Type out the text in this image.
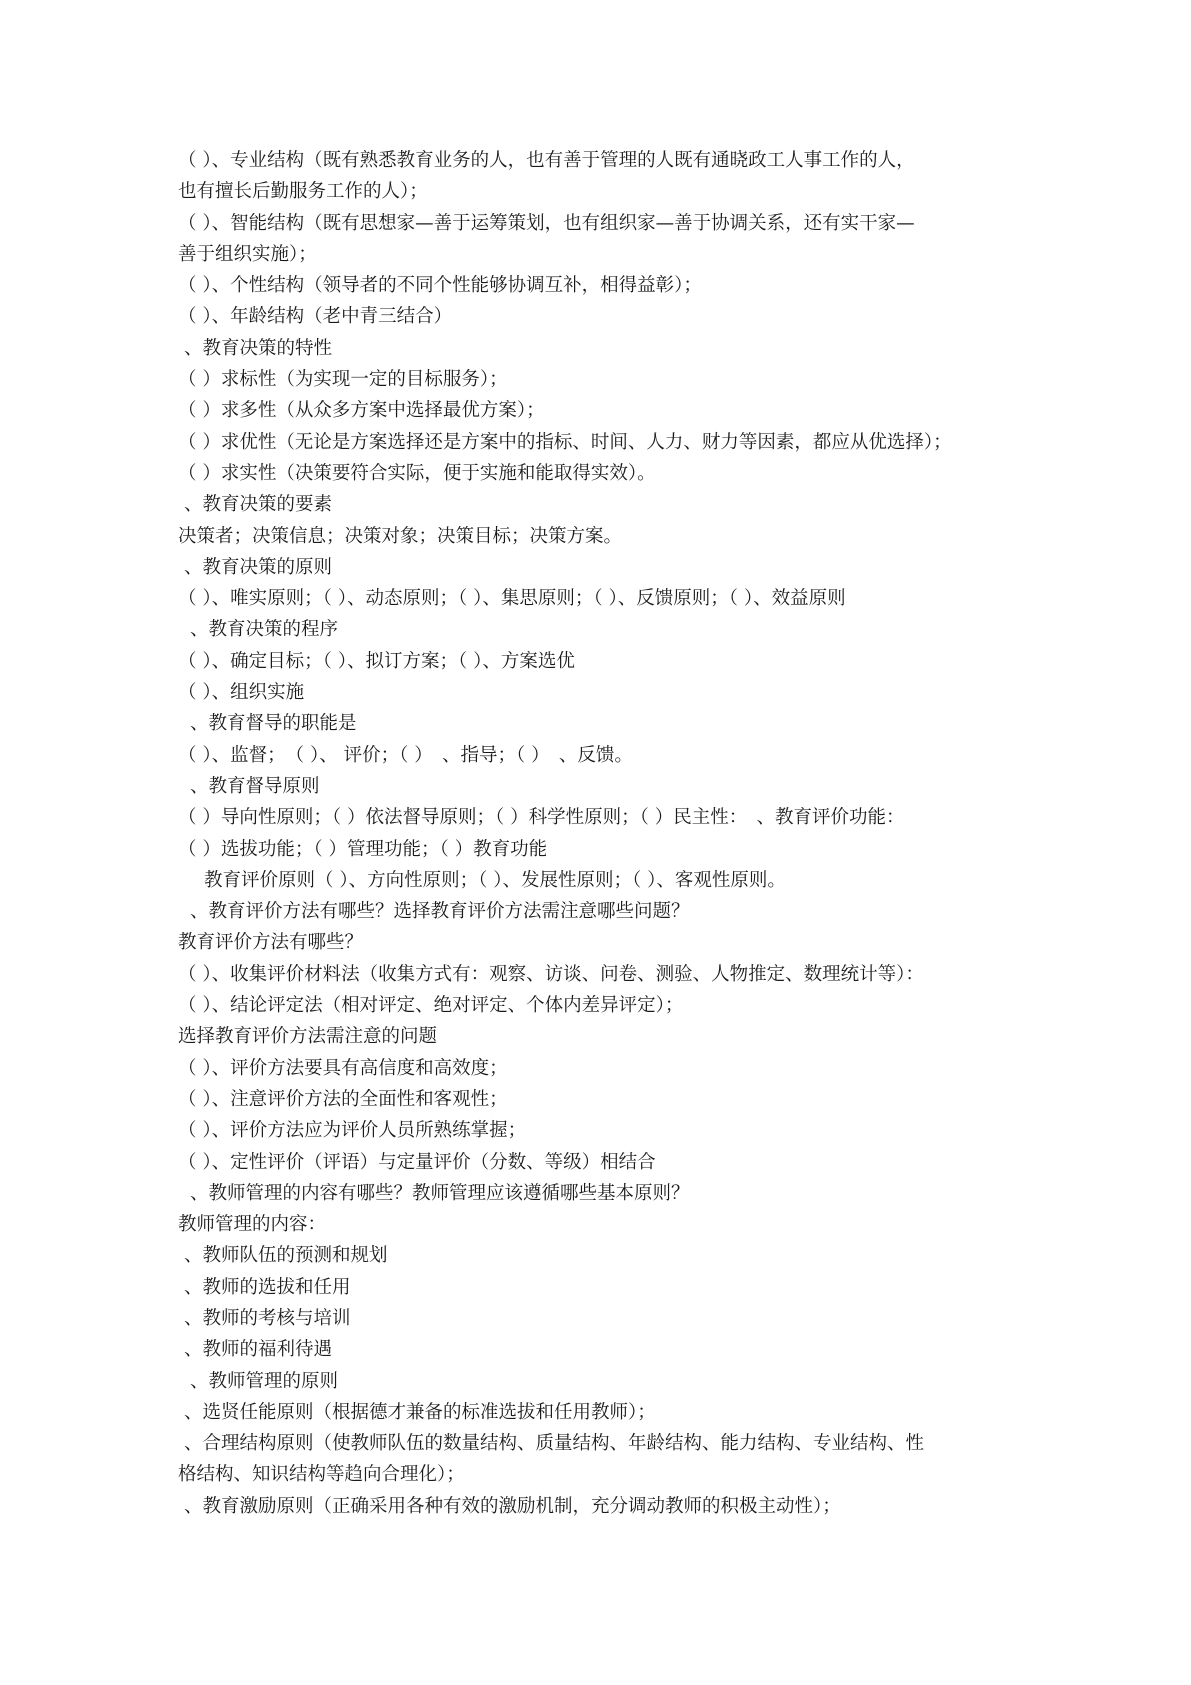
（ ）、专业结构（既有熟悉教育业务的人，也有善于管理的人既有通晓政工人事工作的人，
也有擅长后勤服务工作的人）；
（ ）、智能结构（既有思想家—善于运筹策划，也有组织家—善于协调关系，还有实干家—
善于组织实施）；
（ ）、个性结构（领导者的不同个性能够协调互补，相得益彰）；
（ ）、年龄结构（老中青三结合）
、教育决策的特性
（ ）求标性（为实现一定的目标服务）；
（ ）求多性（从众多方案中选择最优方案）；
（ ）求优性（无论是方案选择还是方案中的指标、时间、人力、财力等因素，都应从优选择）；
（ ）求实性（决策要符合实际，便于实施和能取得实效）。
、教育决策的要素
决策者；决策信息；决策对象；决策目标；决策方案。
、教育决策的原则
（ ）、唯实原则；（ ）、动态原则；（ ）、集思原则；（ ）、反馈原则；（ ）、效益原则
、教育决策的程序
（ ）、确定目标；（ ）、拟订方案；（ ）、方案选优
（ ）、组织实施
、教育督导的职能是
（ ）、监督；　（ ）、 评价；（ ）　、指导；（ ）　、反馈。
、教育督导原则
（ ）导向性原则；（ ）依法督导原则；（ ）科学性原则；（ ）民主性：　、教育评价功能：
（ ）选拔功能；（ ）管理功能；（ ）教育功能
教育评价原则（ ）、方向性原则；（ ）、发展性原则；（ ）、客观性原则。
、教育评价方法有哪些？选择教育评价方法需注意哪些问题？
教育评价方法有哪些？
（ ）、收集评价材料法（收集方式有：观察、访谈、问卷、测验、人物推定、数理统计等）：
（ ）、结论评定法（相对评定、绝对评定、个体内差异评定）；
选择教育评价方法需注意的问题
（ ）、评价方法要具有高信度和高效度；
（ ）、注意评价方法的全面性和客观性；
（ ）、评价方法应为评价人员所熟练掌握；
（ ）、定性评价（评语）与定量评价（分数、等级）相结合
、教师管理的内容有哪些？教师管理应该遵循哪些基本原则？
教师管理的内容：
、教师队伍的预测和规划
、教师的选拔和任用
、教师的考核与培训
、教师的福利待遇
、教师管理的原则
、选贤任能原则（根据德才兼备的标准选拔和任用教师）；
、合理结构原则（使教师队伍的数量结构、质量结构、年龄结构、能力结构、专业结构、性
格结构、知识结构等趋向合理化）；
、教育激励原则（正确采用各种有效的激励机制，充分调动教师的积极主动性）；
